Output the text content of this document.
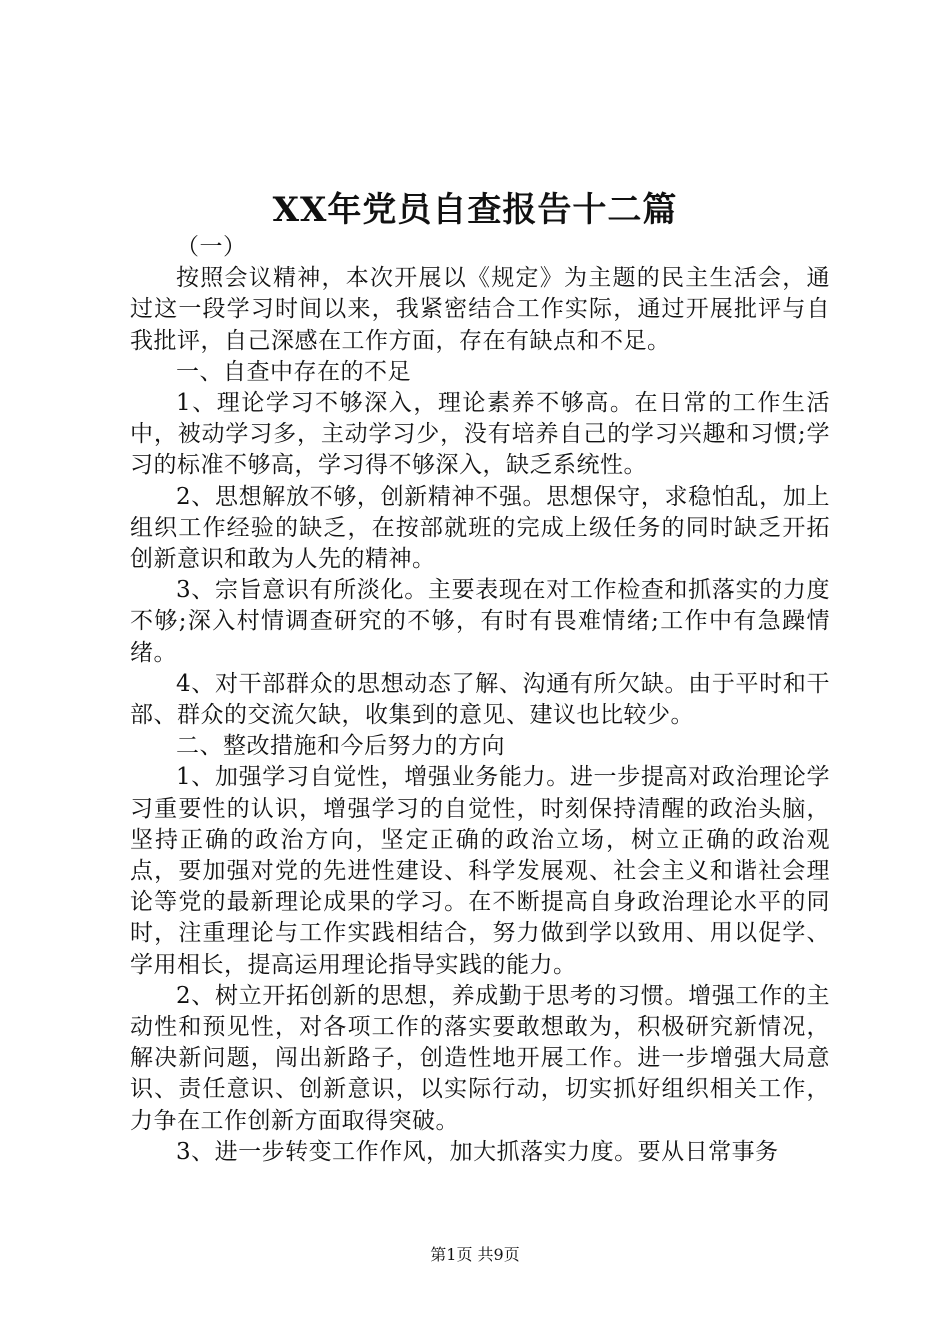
XX年党员自查报告十二篇

（一）

按照会议精神，本次开展以《规定》为主题的民主生活会，通过这一段学习时间以来，我紧密结合工作实际，通过开展批评与自我批评，自己深感在工作方面，存在有缺点和不足。

一、自查中存在的不足

1、理论学习不够深入，理论素养不够高。在日常的工作生活中，被动学习多，主动学习少，没有培养自己的学习兴趣和习惯;学习的标准不够高，学习得不够深入，缺乏系统性。

2、思想解放不够，创新精神不强。思想保守，求稳怕乱，加上组织工作经验的缺乏，在按部就班的完成上级任务的同时缺乏开拓创新意识和敢为人先的精神。

3、宗旨意识有所淡化。主要表现在对工作检查和抓落实的力度不够;深入村情调查研究的不够，有时有畏难情绪;工作中有急躁情绪。

4、对干部群众的思想动态了解、沟通有所欠缺。由于平时和干部、群众的交流欠缺，收集到的意见、建议也比较少。

二、整改措施和今后努力的方向

1、加强学习自觉性，增强业务能力。进一步提高对政治理论学习重要性的认识，增强学习的自觉性，时刻保持清醒的政治头脑，坚持正确的政治方向，坚定正确的政治立场，树立正确的政治观点，要加强对党的先进性建设、科学发展观、社会主义和谐社会理论等党的最新理论成果的学习。在不断提高自身政治理论水平的同时，注重理论与工作实践相结合，努力做到学以致用、用以促学、学用相长，提高运用理论指导实践的能力。

2、树立开拓创新的思想，养成勤于思考的习惯。增强工作的主动性和预见性，对各项工作的落实要敢想敢为，积极研究新情况，解决新问题，闯出新路子，创造性地开展工作。进一步增强大局意识、责任意识、创新意识，以实际行动，切实抓好组织相关工作，力争在工作创新方面取得突破。

3、进一步转变工作作风，加大抓落实力度。要从日常事务

第1页 共9页
